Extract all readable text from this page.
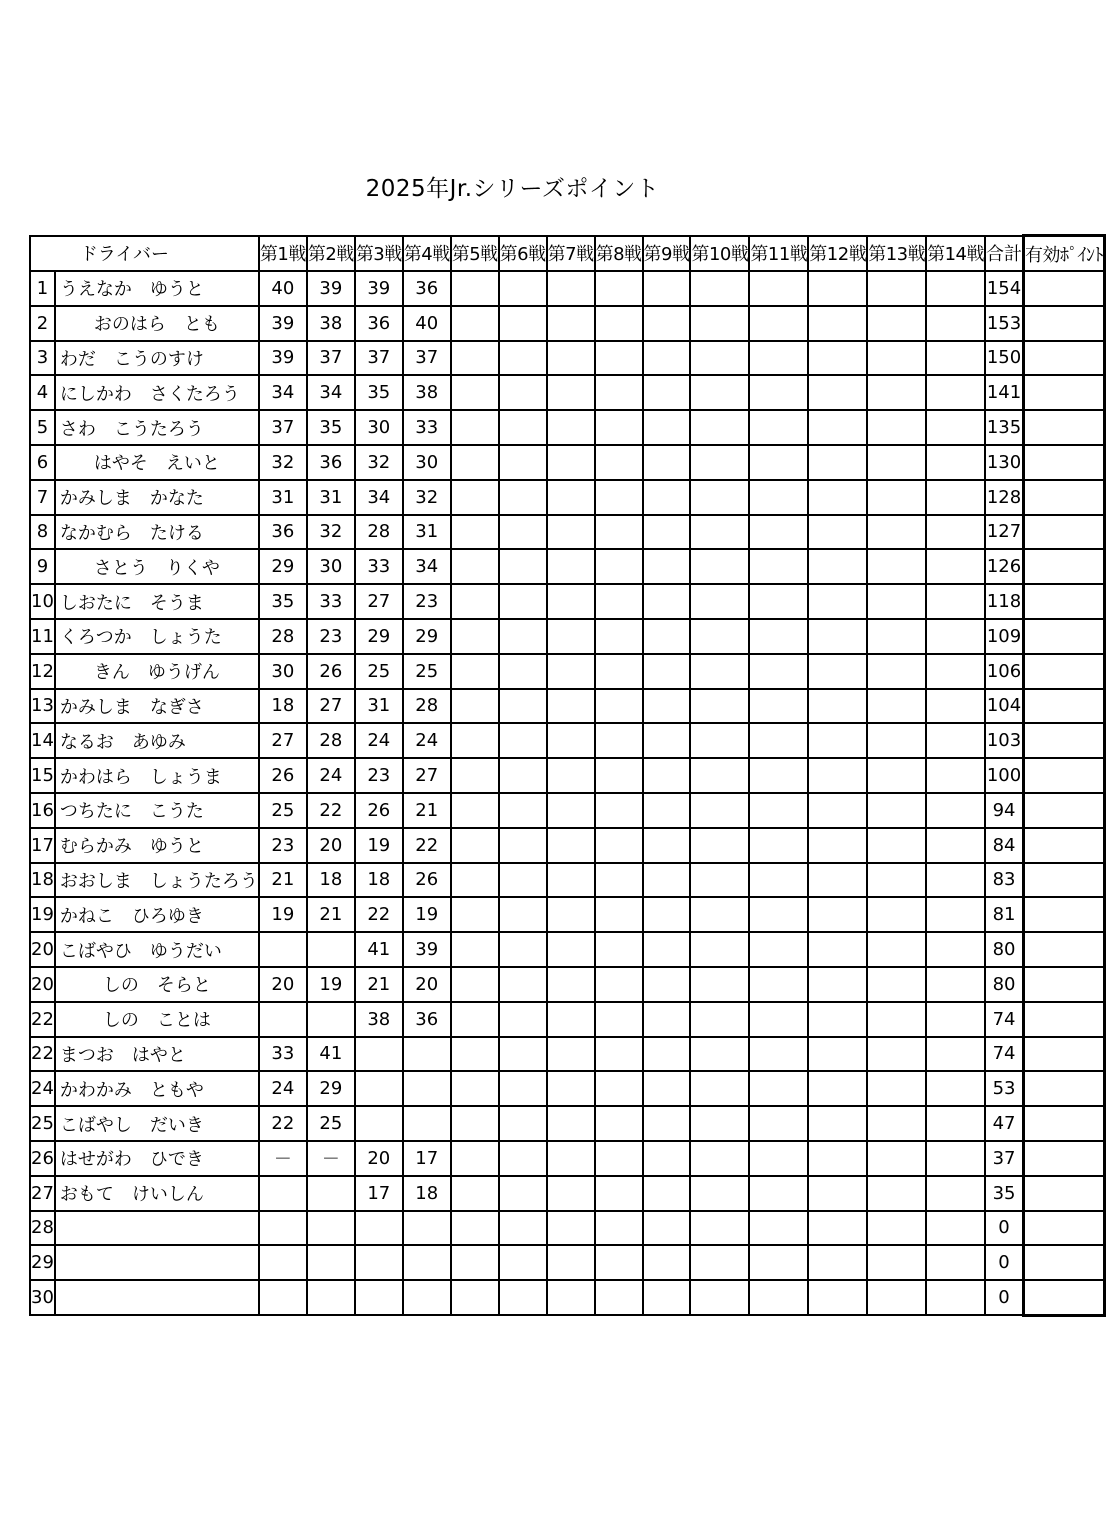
2025年Jr.シリーズポイント
ドライバー		第1戦	第2戦	第3戦	第4戦	第5戦	第6戦	第7戦	第8戦	第9戦	第10戦	第11戦	第12戦	第13戦	第14戦	合計	有効ﾎﾟｲﾝﾄ
1	うえなか　ゆうと	40	39	39	36											154	
2	おのはら　とも	39	38	36	40											153	
3	わだ　こうのすけ	39	37	37	37											150	
4	にしかわ　さくたろう	34	34	35	38											141	
5	さわ　こうたろう	37	35	30	33											135	
6	はやそ　えいと	32	36	32	30											130	
7	かみしま　かなた	31	31	34	32											128	
8	なかむら　たける	36	32	28	31											127	
9	さとう　りくや	29	30	33	34											126	
10	しおたに　そうま	35	33	27	23											118	
11	くろつか　しょうた	28	23	29	29											109	
12	きん　ゆうげん	30	26	25	25											106	
13	かみしま　なぎさ	18	27	31	28											104	
14	なるお　あゆみ	27	28	24	24											103	
15	かわはら　しょうま	26	24	23	27											100	
16	つちたに　こうた	25	22	26	21											94	
17	むらかみ　ゆうと	23	20	19	22											84	
18	おおしま　しょうたろう	21	18	18	26											83	
19	かねこ　ひろゆき	19	21	22	19											81	
20	こばやひ　ゆうだい			41	39											80	
20	しの　そらと	20	19	21	20											80	
22	しの　ことは			38	36											74	
22	まつお　はやと	33	41													74	
24	かわかみ　ともや	24	29													53	
25	こばやし　だいき	22	25													47	
26	はせがわ　ひでき	－	－	20	17											37	
27	おもて　けいしん			17	18											35	
28																0	
29																0	
30																0	
